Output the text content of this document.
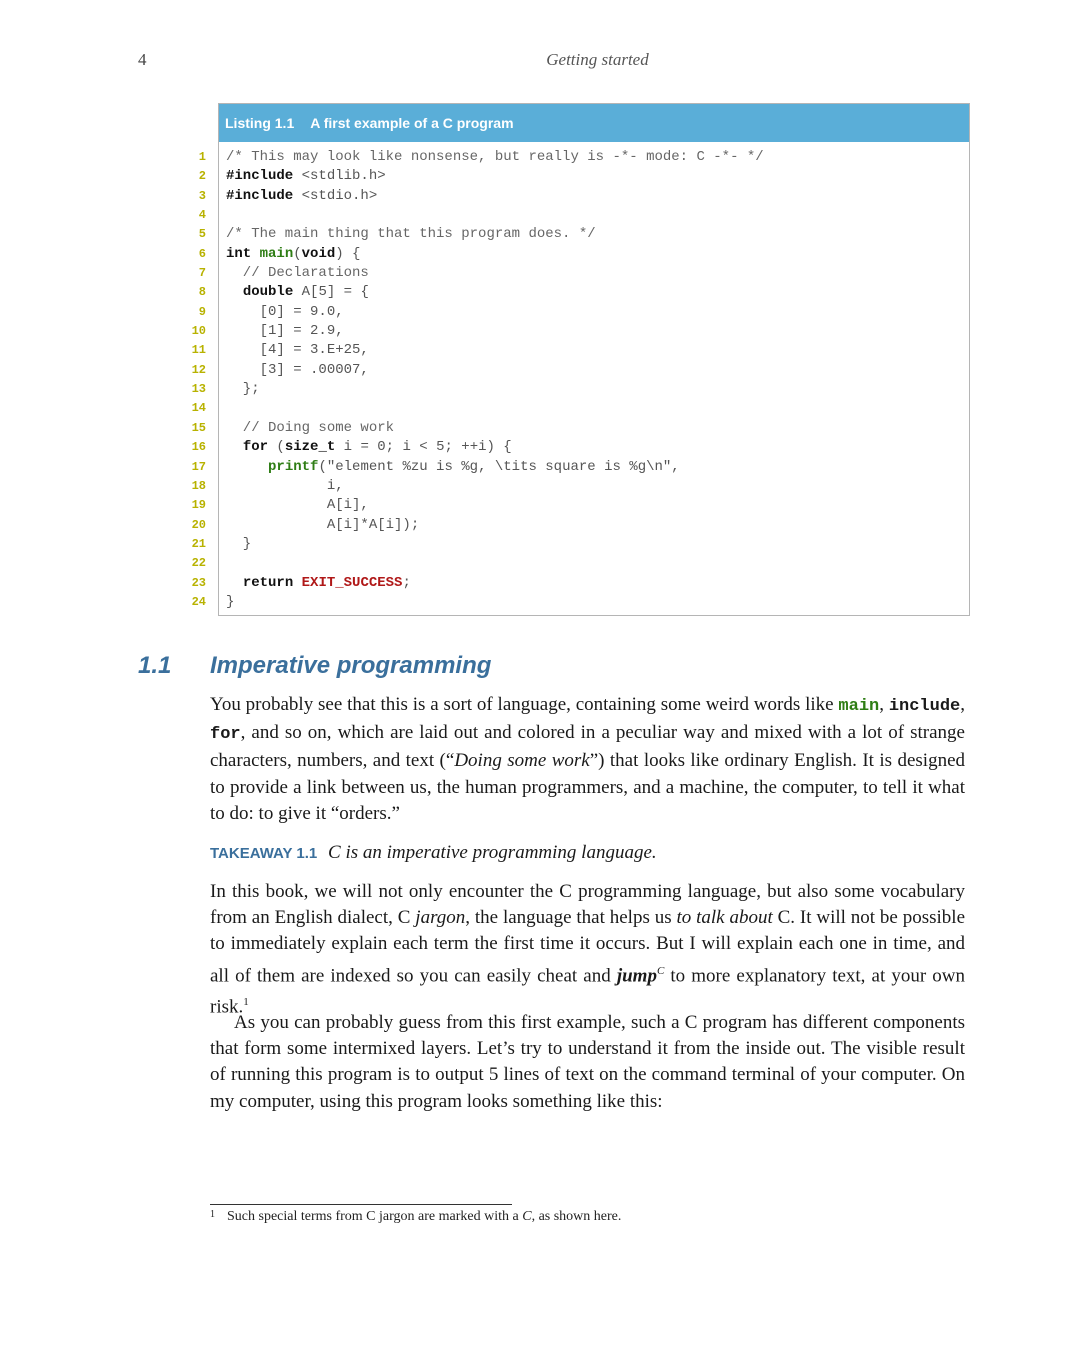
4	Getting started
Listing 1.1 A first example of a C program
1
2
3
4
5
6
7
8
9
10
11
12
13
14
15
16
17
18
19
20
21
22
23
24
/* This may look like nonsense, but really is -*- mode: C -*- */
#include <stdlib.h>
#include <stdio.h>
/* The main thing that this program does. */
int main(void) {
// Declarations
double A[5] = {
[0] = 9.0,
[1] = 2.9,
[4] = 3.E+25,
[3] = .00007,
};
// Doing some work
for (size_t i = 0; i < 5; ++i) {
printf("element %zu is %g, \tits square is %g\n",
i,
A[i],
A[i]*A[i]);
}
return EXIT_SUCCESS;
}
1.1	Imperative programming

You probably see that this is a sort of language, containing some weird words like main, include, for, and so on, which are laid out and colored in a peculiar way and mixed with a lot of strange characters, numbers, and text (“Doing some work”) that looks like ordinary English. It is designed to provide a link between us, the human programmers, and a machine, the computer, to tell it what to do: to give it “orders.”

TAKEAWAY 1.1 C is an imperative programming language.

In this book, we will not only encounter the C programming language, but also some vocabulary from an English dialect, C jargon, the language that helps us to talk about C. It will not be possible to immediately explain each term the first time it occurs. But I will explain each one in time, and all of them are indexed so you can easily cheat and jump$^C$ to more explanatory text, at your own risk.$^1$

As you can probably guess from this first example, such a C program has different components that form some intermixed layers. Let’s try to understand it from the inside out. The visible result of running this program is to output 5 lines of text on the command terminal of your computer. On my computer, using this program looks something like this:

$^1$ Such special terms from C jargon are marked with a C, as shown here.
